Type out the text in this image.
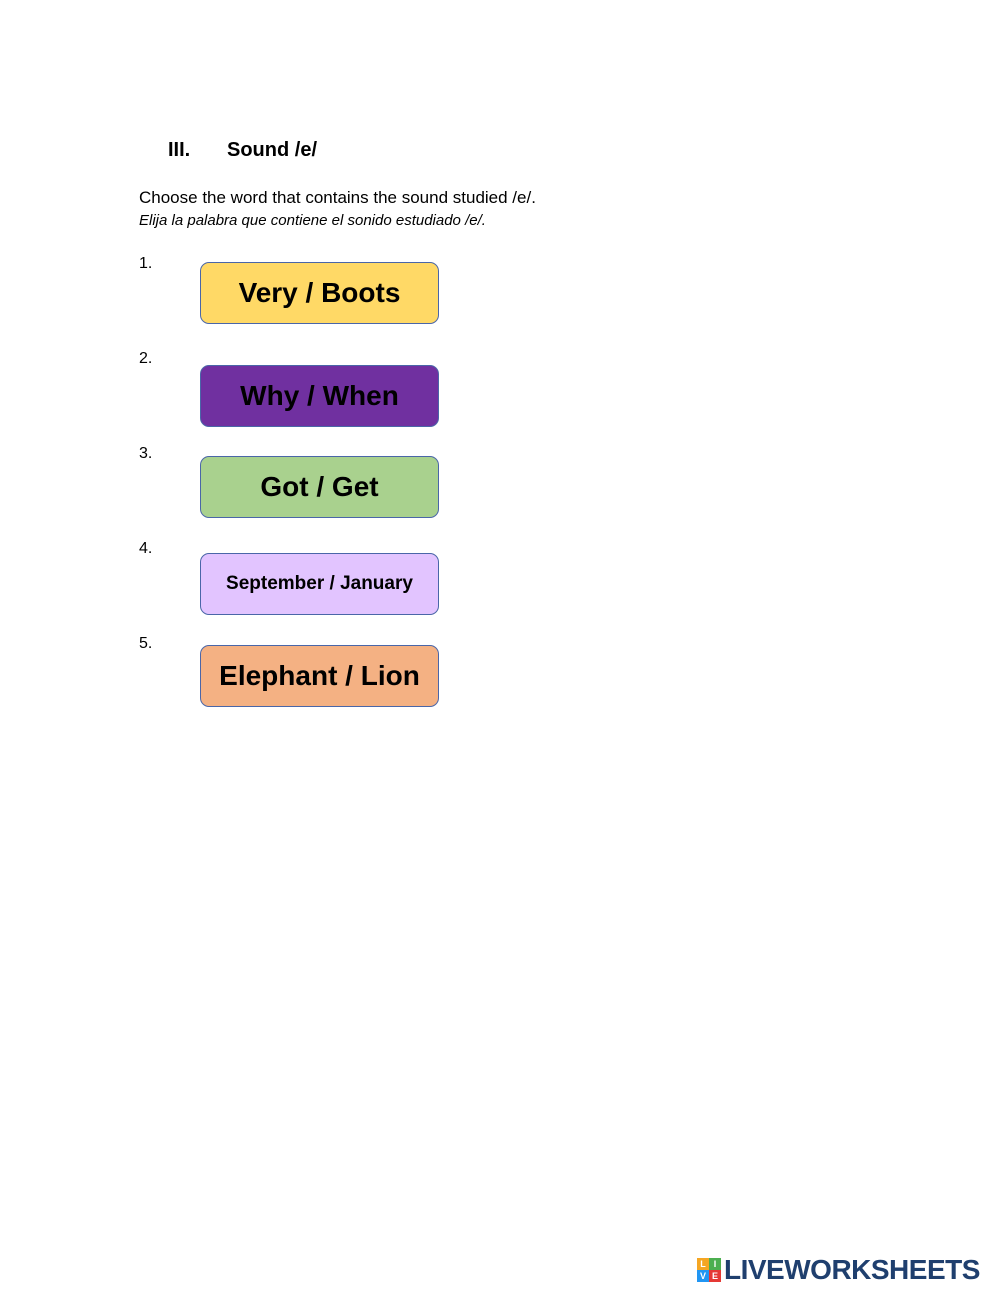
III.	Sound /e/
Choose the word that contains the sound studied /e/.
Elija la palabra que contiene el sonido estudiado /e/.
1.
Very / Boots
2.
Why / When
3.
Got / Get
4.
September / January
5.
Elephant / Lion
L I
V E LIVEWORKSHEETS
